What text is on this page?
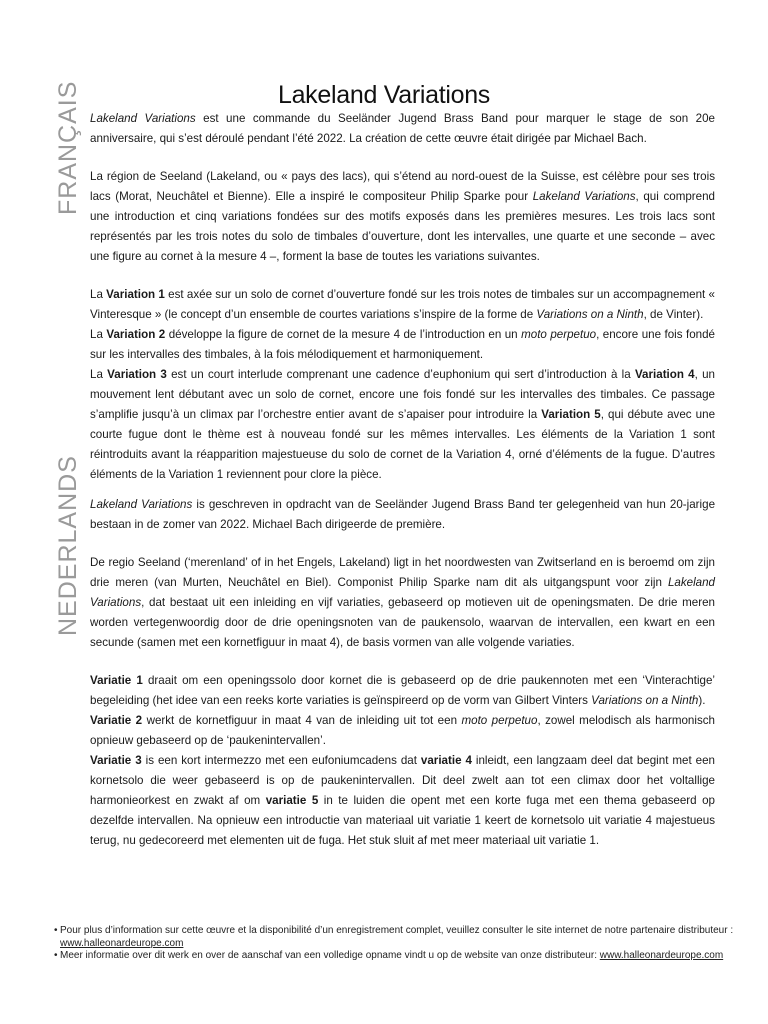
Lakeland Variations
FRANÇAIS Lakeland Variations est une commande du Seeländer Jugend Brass Band pour marquer le stage de son 20e anniversaire, qui s’est déroulé pendant l’été 2022. La création de cette œuvre était dirigée par Michael Bach.

La région de Seeland (Lakeland, ou « pays des lacs), qui s’étend au nord-ouest de la Suisse, est célèbre pour ses trois lacs (Morat, Neuchâtel et Bienne). Elle a inspiré le compositeur Philip Sparke pour Lakeland Variations, qui comprend une introduction et cinq variations fondées sur des motifs exposés dans les premières mesures. Les trois lacs sont représentés par les trois notes du solo de timbales d’ouverture, dont les intervalles, une quarte et une seconde – avec une figure au cornet à la mesure 4 –, forment la base de toutes les variations suivantes.

La Variation 1 est axée sur un solo de cornet d’ouverture fondé sur les trois notes de timbales sur un accompagnement « Vinteresque » (le concept d’un ensemble de courtes variations s’inspire de la forme de Variations on a Ninth, de Vinter).

La Variation 2 développe la figure de cornet de la mesure 4 de l’introduction en un moto perpetuo, encore une fois fondé sur les intervalles des timbales, à la fois mélodiquement et harmoniquement.

La Variation 3 est un court interlude comprenant une cadence d’euphonium qui sert d’introduction à la Variation 4, un mouvement lent débutant avec un solo de cornet, encore une fois fondé sur les intervalles des timbales. Ce passage s’amplifie jusqu’à un climax par l’orchestre entier avant de s’apaiser pour introduire la Variation 5, qui débute avec une courte fugue dont le thème est à nouveau fondé sur les mêmes intervalles. Les éléments de la Variation 1 sont réintroduits avant la réapparition majestueuse du solo de cornet de la Variation 4, orné d’éléments de la fugue. D’autres éléments de la Variation 1 reviennent pour clore la pièce.

NEDERLANDS Lakeland Variations is geschreven in opdracht van de Seeländer Jugend Brass Band ter gelegenheid van hun 20-jarige bestaan in de zomer van 2022. Michael Bach dirigeerde de première.

De regio Seeland (‘merenland’ of in het Engels, Lakeland) ligt in het noordwesten van Zwitserland en is beroemd om zijn drie meren (van Murten, Neuchâtel en Biel). Componist Philip Sparke nam dit als uitgangspunt voor zijn Lakeland Variations, dat bestaat uit een inleiding en vijf variaties, gebaseerd op motieven uit de openingsmaten. De drie meren worden vertegenwoordig door de drie openingsnoten van de paukensolo, waarvan de intervallen, een kwart en een secunde (samen met een kornetfiguur in maat 4), de basis vormen van alle volgende variaties.

Variatie 1 draait om een openingssolo door kornet die is gebaseerd op de drie paukennoten met een ‘Vinterachtige’ begeleiding (het idee van een reeks korte variaties is geïnspireerd op de vorm van Gilbert Vinters Variations on a Ninth).

Variatie 2 werkt de kornetfiguur in maat 4 van de inleiding uit tot een moto perpetuo, zowel melodisch als harmonisch opnieuw gebaseerd op de ‘paukenintervallen’.

Variatie 3 is een kort intermezzo met een eufoniumcadens dat variatie 4 inleidt, een langzaam deel dat begint met een kornetsolo die weer gebaseerd is op de paukenintervallen. Dit deel zwelt aan tot een climax door het voltallige harmonieorkest en zwakt af om variatie 5 in te luiden die opent met een korte fuga met een thema gebaseerd op dezelfde intervallen. Na opnieuw een introductie van materiaal uit variatie 1 keert de kornetsolo uit variatie 4 majestueus terug, nu gedecoreerd met elementen uit de fuga. Het stuk sluit af met meer materiaal uit variatie 1.

• Pour plus d’information sur cette œuvre et la disponibilité d’un enregistrement complet, veuillez consulter le site internet de notre partenaire distributeur : www.halleonardeurope.com
• Meer informatie over dit werk en over de aanschaf van een volledige opname vindt u op de website van onze distributeur: www.halleonardeurope.com
